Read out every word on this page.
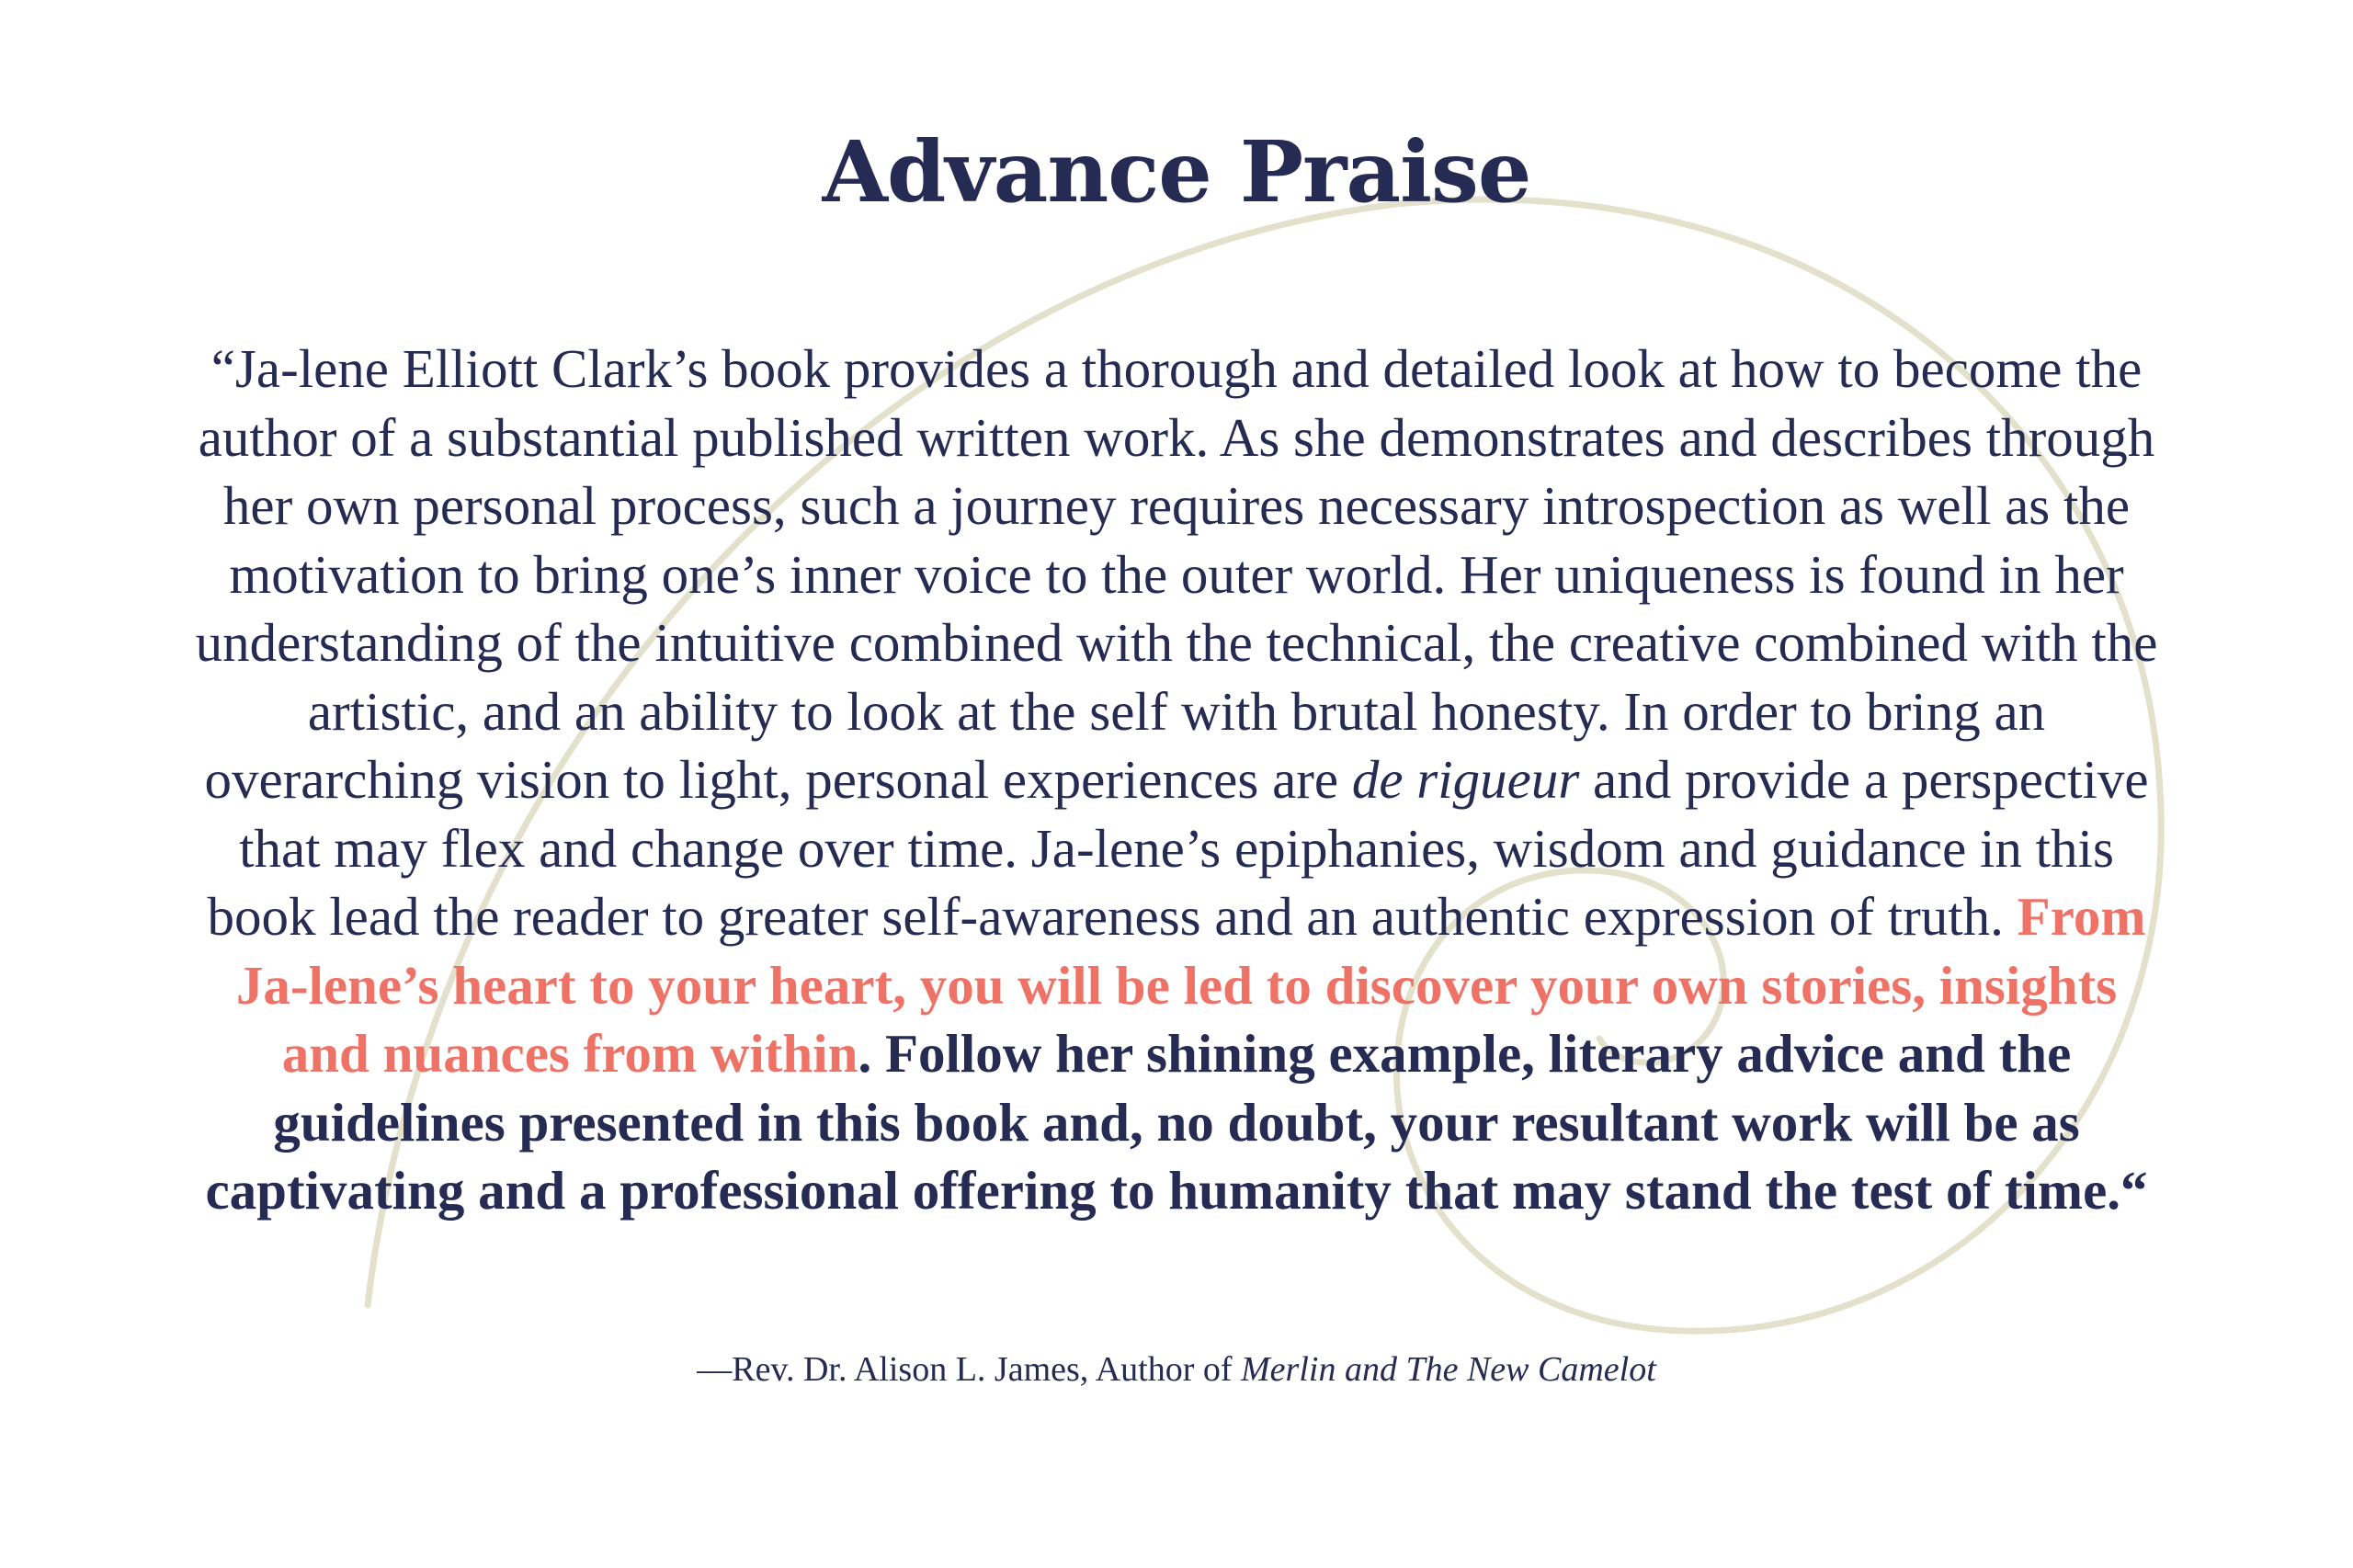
Advance Praise

“Ja-lene Elliott Clark’s book provides a thorough and detailed look at how to become the author of a substantial published written work. As she demonstrates and describes through her own personal process, such a journey requires necessary introspection as well as the motivation to bring one’s inner voice to the outer world. Her uniqueness is found in her understanding of the intuitive combined with the technical, the creative combined with the artistic, and an ability to look at the self with brutal honesty. In order to bring an overarching vision to light, personal experiences are de rigueur and provide a perspective that may flex and change over time. Ja-lene’s epiphanies, wisdom and guidance in this book lead the reader to greater self-awareness and an authentic expression of truth. From Ja-lene’s heart to your heart, you will be led to discover your own stories, insights and nuances from within. Follow her shining example, literary advice and the guidelines presented in this book and, no doubt, your resultant work will be as captivating and a professional offering to humanity that may stand the test of time.“

—Rev. Dr. Alison L. James, Author of Merlin and The New Camelot
